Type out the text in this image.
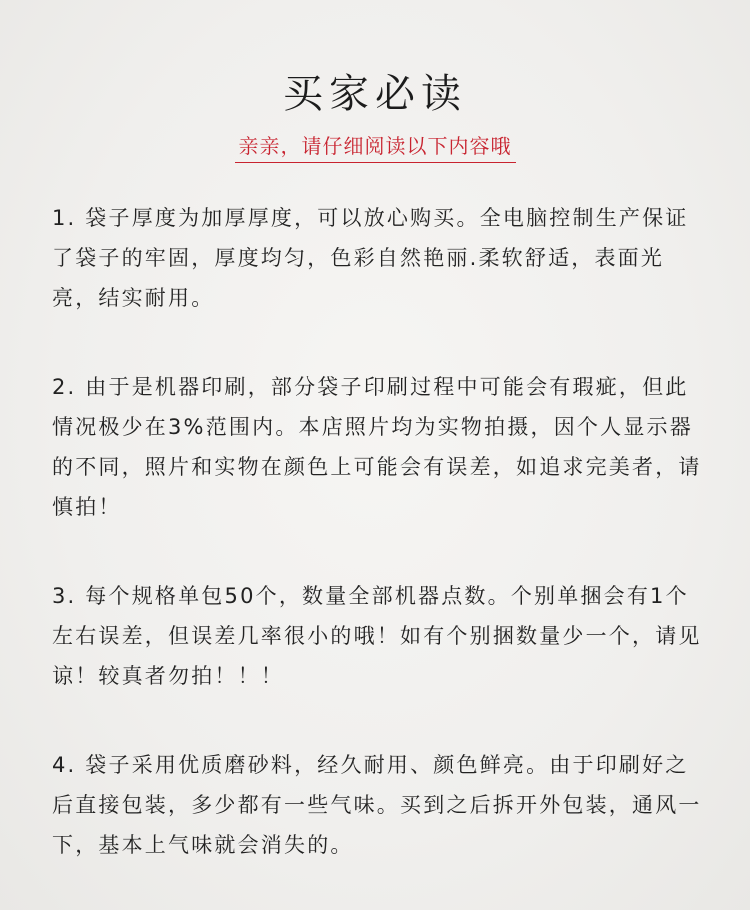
买家必读
亲亲，请仔细阅读以下内容哦

1. 袋子厚度为加厚厚度，可以放心购买。全电脑控制生产保证了袋子的牢固，厚度均匀，色彩自然艳丽.柔软舒适，表面光亮，结实耐用。

2. 由于是机器印刷，部分袋子印刷过程中可能会有瑕疵，但此情况极少在3%范围内。本店照片均为实物拍摄，因个人显示器的不同，照片和实物在颜色上可能会有误差，如追求完美者，请慎拍！

3. 每个规格单包50个，数量全部机器点数。个别单捆会有1个左右误差，但误差几率很小的哦！如有个别捆数量少一个，请见谅！较真者勿拍！！！

4. 袋子采用优质磨砂料，经久耐用、颜色鲜亮。由于印刷好之后直接包装，多少都有一些气味。买到之后拆开外包装，通风一下，基本上气味就会消失的。
